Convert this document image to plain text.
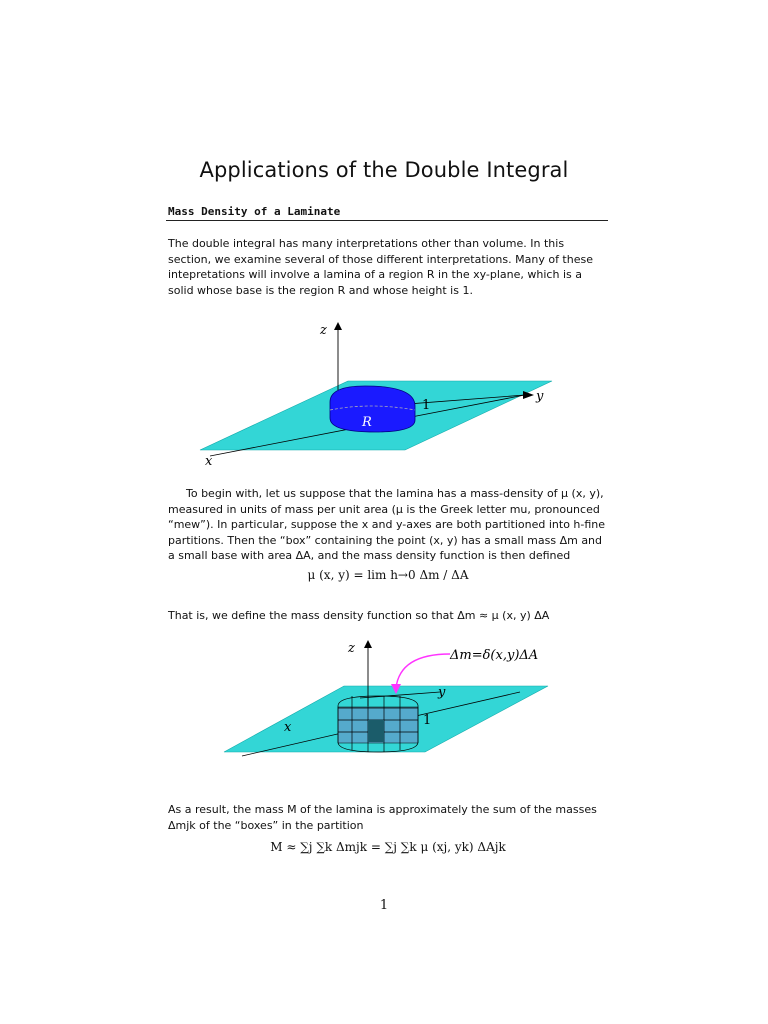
Applications of the Double Integral
Mass Density of a Laminate
The double integral has many interpretations other than volume. In this section, we examine several of those different interpretations. Many of these intepretations will involve a lamina of a region R in the xy-plane, which is a solid whose base is the region R and whose height is 1.
z
y
x
R
1
To begin with, let us suppose that the lamina has a mass-density of μ (x, y), measured in units of mass per unit area (μ is the Greek letter mu, pronounced “mew”). In particular, suppose the x and y-axes are both partitioned into h-fine partitions. Then the “box” containing the point (x, y) has a small mass Δm and a small base with area ΔA, and the mass density function is then defined
μ (x, y) = lim h→0 Δm / ΔA
That is, we define the mass density function so that Δm ≈ μ (x, y) ΔA
z
y
x	1
Δm=δ(x,y)ΔA
As a result, the mass M of the lamina is approximately the sum of the masses Δmjk of the “boxes” in the partition
M ≈ ∑j ∑k Δmjk = ∑j ∑k μ (xj, yk) ΔAjk
1
